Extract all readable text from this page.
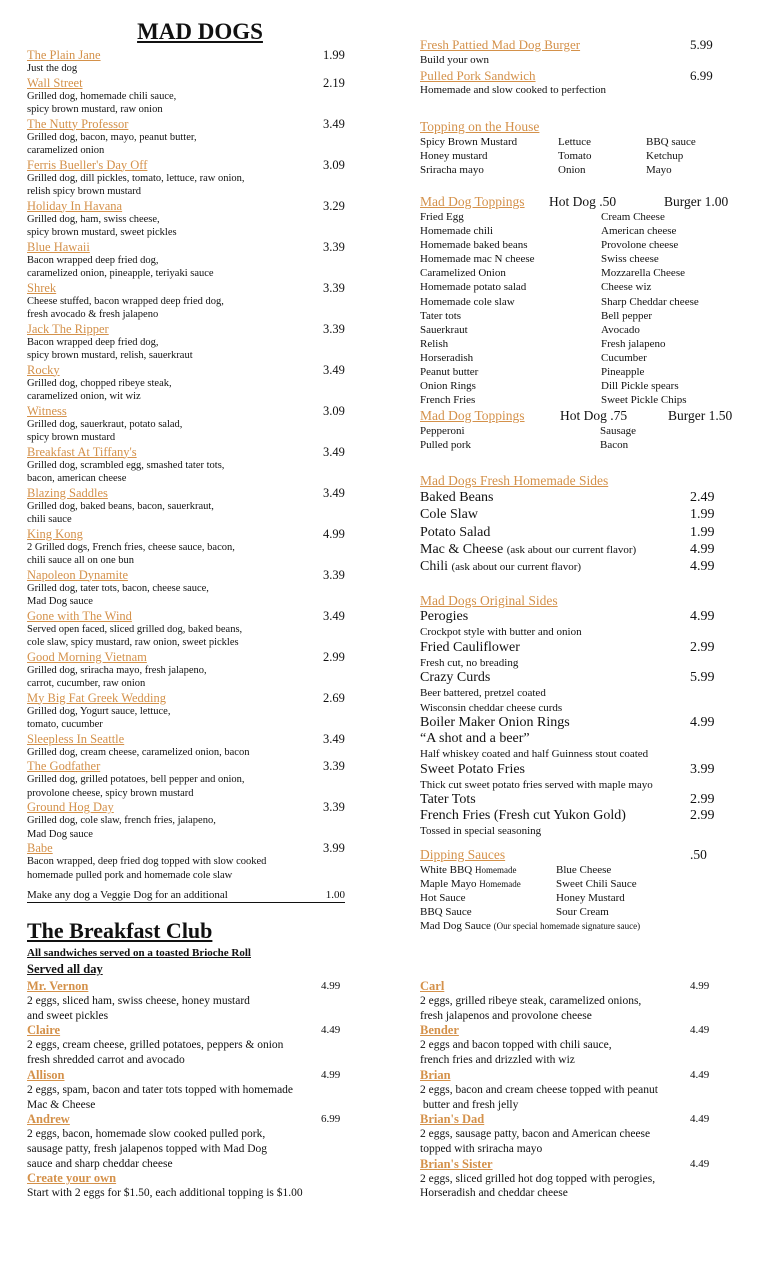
MAD DOGS
The Plain Jane	1.99
Just the dog
Wall Street	2.19
Grilled dog, homemade chili sauce,
spicy brown mustard, raw onion
The Nutty Professor	3.49
Grilled dog, bacon, mayo, peanut butter,
caramelized onion
Ferris Bueller's Day Off	3.09
Grilled dog, dill pickles, tomato, lettuce, raw onion,
relish spicy brown mustard
Holiday In Havana	3.29
Grilled dog, ham, swiss cheese,
spicy brown mustard, sweet pickles
Blue Hawaii	3.39
Bacon wrapped deep fried dog,
caramelized onion, pineapple, teriyaki sauce
Shrek	3.39
Cheese stuffed, bacon wrapped deep fried dog,
fresh avocado & fresh jalapeno
Jack The Ripper	3.39
Bacon wrapped deep fried dog,
spicy brown mustard, relish, sauerkraut
Rocky	3.49
Grilled dog, chopped ribeye steak,
caramelized onion, wit wiz
Witness	3.09
Grilled dog, sauerkraut, potato salad,
spicy brown mustard
Breakfast At Tiffany's	3.49
Grilled dog, scrambled egg, smashed tater tots,
bacon, american cheese
Blazing Saddles	3.49
Grilled dog, baked beans, bacon, sauerkraut,
chili sauce
King Kong	4.99
2 Grilled dogs, French fries, cheese sauce, bacon,
chili sauce all on one bun
Napoleon Dynamite	3.39
Grilled dog, tater tots, bacon, cheese sauce,
Mad Dog sauce
Gone with The Wind	3.49
Served open faced, sliced grilled dog, baked beans,
cole slaw, spicy mustard, raw onion, sweet pickles
Good Morning Vietnam	2.99
Grilled dog, sriracha mayo, fresh jalapeno,
carrot, cucumber, raw onion
My Big Fat Greek Wedding	2.69
Grilled dog, Yogurt sauce, lettuce,
tomato, cucumber
Sleepless In Seattle	3.49
Grilled dog, cream cheese, caramelized onion, bacon
The Godfather	3.39
Grilled dog, grilled potatoes, bell pepper and onion,
provolone cheese, spicy brown mustard
Ground Hog Day	3.39
Grilled dog, cole slaw, french fries, jalapeno,
Mad Dog sauce
Babe	3.99
Bacon wrapped, deep fried dog topped with slow cooked
homemade pulled pork and homemade cole slaw
Make any dog a Veggie Dog for an additional	1.00
The Breakfast Club
All sandwiches served on a toasted Brioche Roll
Served all day
Mr. Vernon	4.99
2 eggs, sliced ham, swiss cheese, honey mustard
and sweet pickles
Claire	4.49
2 eggs, cream cheese, grilled potatoes, peppers & onion
fresh shredded carrot and avocado
Allison	4.99
2 eggs, spam, bacon and tater tots topped with homemade
Mac & Cheese
Andrew	6.99
2 eggs, bacon, homemade slow cooked pulled pork,
sausage patty, fresh jalapenos topped with Mad Dog
sauce and sharp cheddar cheese
Create your own
Start with 2 eggs for $1.50, each additional topping is $1.00
Carl	4.99
2 eggs, grilled ribeye steak, caramelized onions,
fresh jalapenos and provolone cheese
Bender	4.49
2 eggs and bacon topped with chili sauce,
french fries and drizzled with wiz
Brian	4.49
2 eggs, bacon and cream cheese topped with peanut
butter and fresh jelly
Brian's Dad	4.49
2 eggs, sausage patty, bacon and American cheese
topped with sriracha mayo
Brian's Sister	4.49
2 eggs, sliced grilled hot dog topped with perogies,
Horseradish and cheddar cheese
Fresh Pattied Mad Dog Burger	5.99
Build your own
Pulled Pork Sandwich	6.99
Homemade and slow cooked to perfection
Topping on the House
Spicy Brown Mustard	Lettuce	BBQ sauce
Honey mustard	Tomato	Ketchup
Sriracha mayo	Onion	Mayo
Mad Dog Toppings Hot Dog .50	Burger 1.00
Fried Egg	Cream Cheese
Homemade chili	American cheese
Homemade baked beans	Provolone cheese
Homemade mac N cheese	Swiss cheese
Caramelized Onion	Mozzarella Cheese
Homemade potato salad	Cheese wiz
Homemade cole slaw	Sharp Cheddar cheese
Tater tots	Bell pepper
Sauerkraut	Avocado
Relish	Fresh jalapeno
Horseradish	Cucumber
Peanut butter	Pineapple
Onion Rings	Dill Pickle spears
French Fries	Sweet Pickle Chips
Mad Dog Toppings	Hot Dog .75	Burger 1.50
Pepperoni	Sausage
Pulled pork	Bacon
Mad Dogs Fresh Homemade Sides
Baked Beans	2.49
Cole Slaw	1.99
Potato Salad	1.99
Mac & Cheese (ask about our current flavor)	4.99
Chili (ask about our current flavor)	4.99
Mad Dogs Original Sides
Perogies	4.99
Crockpot style with butter and onion
Fried Cauliflower	2.99
Fresh cut, no breading
Crazy Curds	5.99
Beer battered, pretzel coated
Wisconsin cheddar cheese curds
Boiler Maker Onion Rings	4.99
“A shot and a beer”
Half whiskey coated and half Guinness stout coated
Sweet Potato Fries	3.99
Thick cut sweet potato fries served with maple mayo
Tater Tots	2.99
French Fries (Fresh cut Yukon Gold)	2.99
Tossed in special seasoning
Dipping Sauces	.50
White BBQ Homemade	Blue Cheese
Maple Mayo Homemade	Sweet Chili Sauce
Hot Sauce	Honey Mustard
BBQ Sauce	Sour Cream
Mad Dog Sauce (Our special homemade signature sauce)
